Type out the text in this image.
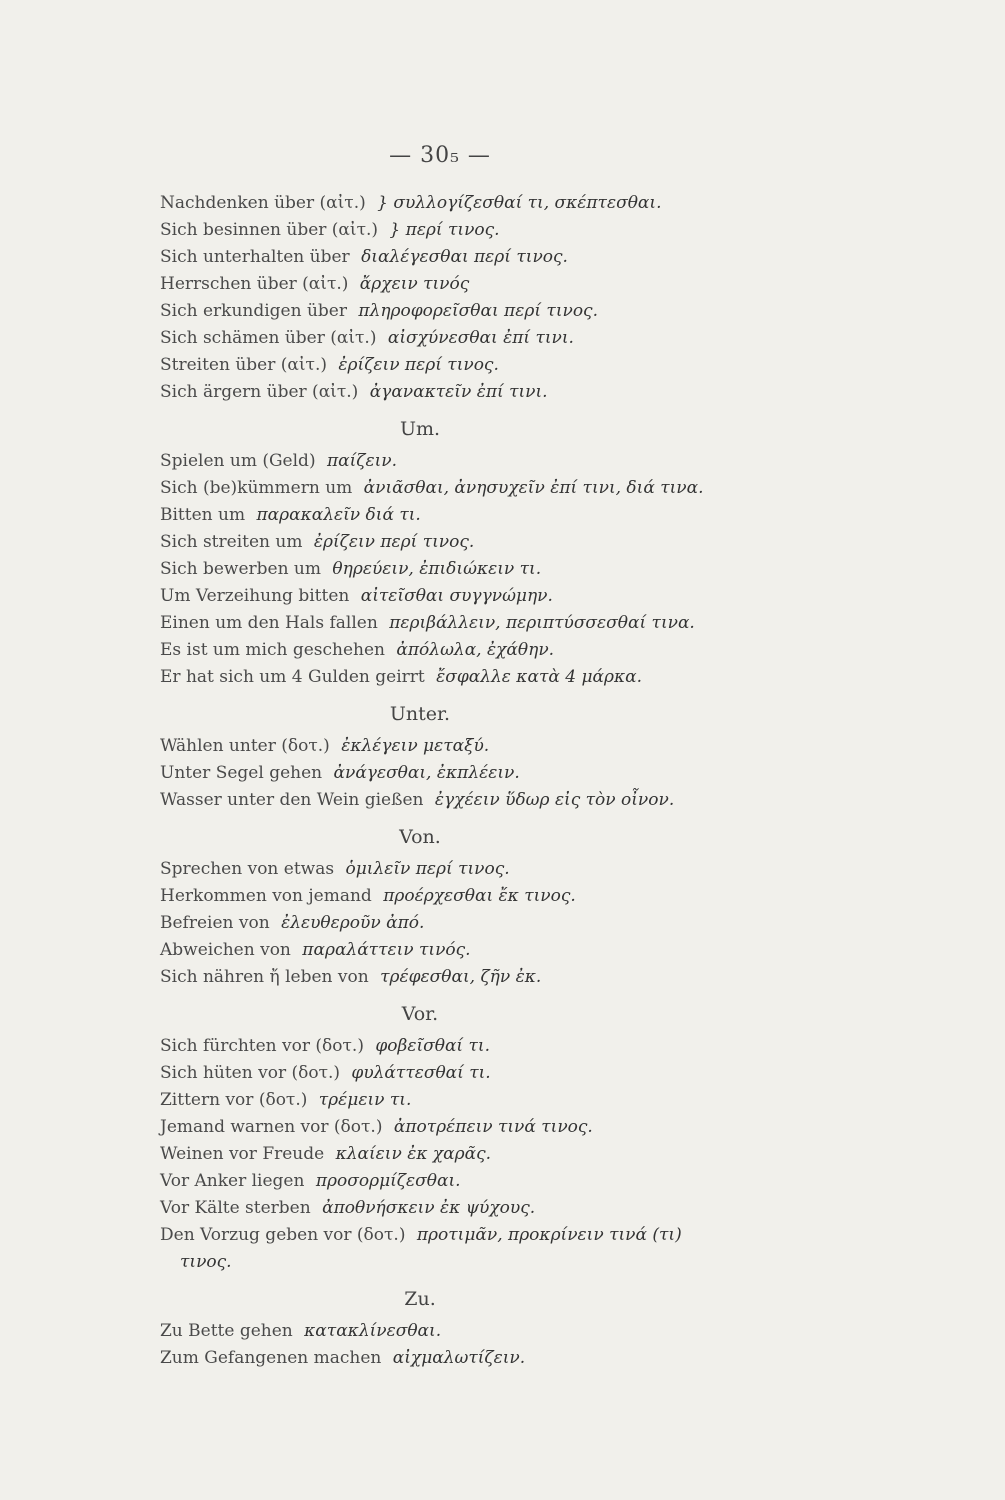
— 30₅ —
Nachdenken über (αἰτ.) } συλλογίζεσθαί τι, σκέπτεσθαι.
Sich besinnen über (αἰτ.) } περί τινος.
Sich unterhalten über διαλέγεσθαι περί τινος.
Herrschen über (αἰτ.) ἄρχειν τινός
Sich erkundigen über πληροφορεῖσθαι περί τινος.
Sich schämen über (αἰτ.) αἰσχύνεσθαι ἐπί τινι.
Streiten über (αἰτ.) ἐρίζειν περί τινος.
Sich ärgern über (αἰτ.) ἀγανακτεῖν ἐπί τινι.
Um.
Spielen um (Geld) παίζειν.
Sich (be)kümmern um ἀνιᾶσθαι, ἀνησυχεῖν ἐπί τινι, διά τινα.
Bitten um παρακαλεῖν διά τι.
Sich streiten um ἐρίζειν περί τινος.
Sich bewerben um θηρεύειν, ἐπιδιώκειν τι.
Um Verzeihung bitten αἰτεῖσθαι συγγνώμην.
Einen um den Hals fallen περιβάλλειν, περιπτύσσεσθαί τινα.
Es ist um mich geschehen ἀπόλωλα, ἐχάθην.
Er hat sich um 4 Gulden geirrt ἔσφαλλε κατὰ 4 μάρκα.
Unter.
Wählen unter (δοτ.) ἐκλέγειν μεταξύ.
Unter Segel gehen ἀνάγεσθαι, ἐκπλέειν.
Wasser unter den Wein gießen ἐγχέειν ὕδωρ εἰς τὸν οἶνον.
Von.
Sprechen von etwas ὁμιλεῖν περί τινος.
Herkommen von jemand προέρχεσθαι ἔκ τινος.
Befreien von ἐλευθεροῦν ἀπό.
Abweichen von παραλάττειν τινός.
Sich nähren ἤ leben von τρέφεσθαι, ζῆν ἐκ.
Vor.
Sich fürchten vor (δοτ.) φοβεῖσθαί τι.
Sich hüten vor (δοτ.) φυλάττεσθαί τι.
Zittern vor (δοτ.) τρέμειν τι.
Jemand warnen vor (δοτ.) ἀποτρέπειν τινά τινος.
Weinen vor Freude κλαίειν ἐκ χαρᾶς.
Vor Anker liegen προσορμίζεσθαι.
Vor Kälte sterben ἀποθνήσκειν ἐκ ψύχους.
Den Vorzug geben vor (δοτ.) προτιμᾶν, προκρίνειν τινά (τι)
τινος.
Zu.
Zu Bette gehen κατακλίνεσθαι.
Zum Gefangenen machen αἰχμαλωτίζειν.
